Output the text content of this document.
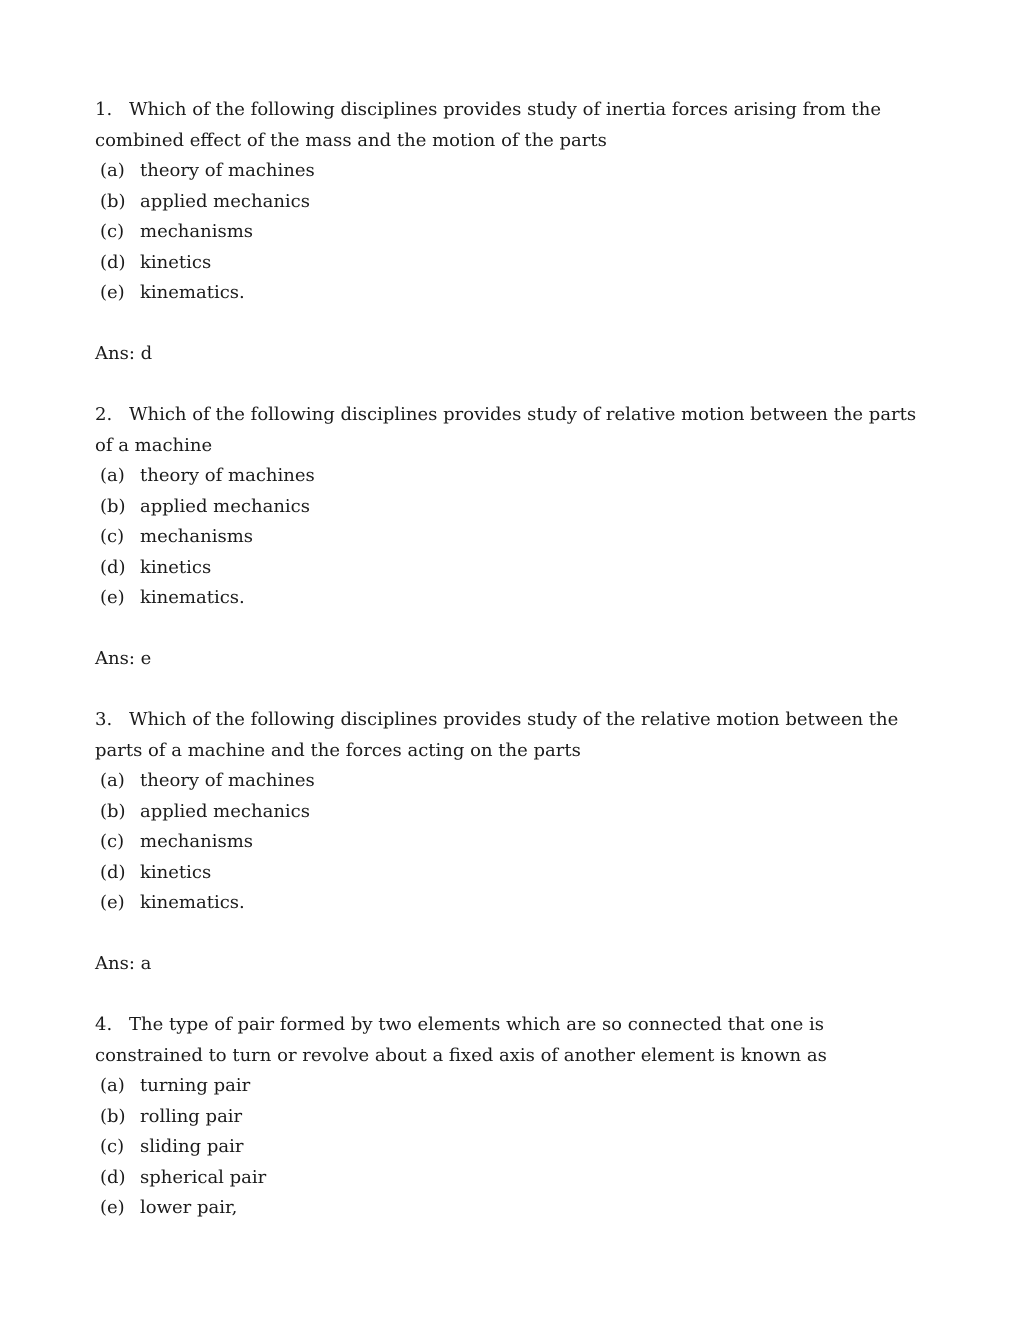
1. Which of the following disciplines provides study of inertia forces arising from the combined effect of the mass and the motion of the parts

(a) theory of machines
(b) applied mechanics
(c) mechanisms
(d) kinetics
(e) kinematics.
Ans: d

2. Which of the following disciplines provides study of relative motion between the parts of a machine

(a) theory of machines
(b) applied mechanics
(c) mechanisms
(d) kinetics
(e) kinematics.
Ans: e

3. Which of the following disciplines provides study of the relative motion between the parts of a machine and the forces acting on the parts

(a) theory of machines
(b) applied mechanics
(c) mechanisms
(d) kinetics
(e) kinematics.
Ans: a

4. The type of pair formed by two elements which are so connected that one is constrained to turn or revolve about a fixed axis of another element is known as

(a) turning pair
(b) rolling pair
(c) sliding pair
(d) spherical pair
(e) lower pair,
